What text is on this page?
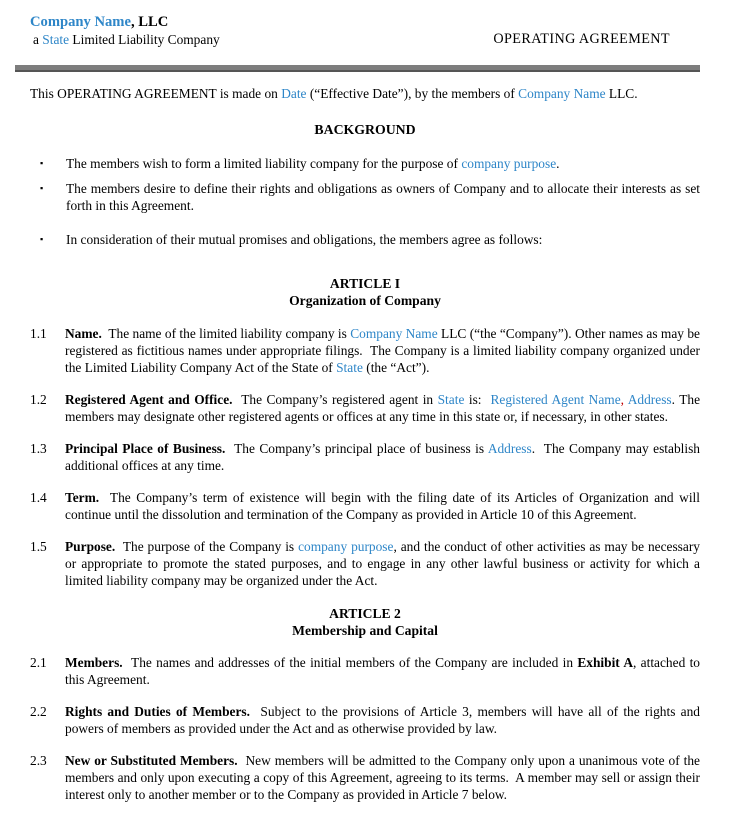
Company Name, LLC
a State Limited Liability Company	OPERATING AGREEMENT

This OPERATING AGREEMENT is made on Date (“Effective Date”), by the members of Company Name LLC.

BACKGROUND
▪	The members wish to form a limited liability company for the purpose of company purpose.
▪	The members desire to define their rights and obligations as owners of Company and to allocate their interests as set forth in this Agreement.
▪	In consideration of their mutual promises and obligations, the members agree as follows:
ARTICLE I
Organization of Company
1.1	Name.  The name of the limited liability company is Company Name LLC (“the “Company”). Other names as may be registered as fictitious names under appropriate filings.  The Company is a limited liability company organized under the Limited Liability Company Act of the State of State (the “Act”).
1.2	Registered Agent and Office.  The Company’s registered agent in State is:  Registered Agent Name, Address. The members may designate other registered agents or offices at any time in this state or, if necessary, in other states.
1.3	Principal Place of Business.  The Company’s principal place of business is Address.  The Company may establish additional offices at any time.
1.4	Term.  The Company’s term of existence will begin with the filing date of its Articles of Organization and will continue until the dissolution and termination of the Company as provided in Article 10 of this Agreement.
1.5	Purpose.  The purpose of the Company is company purpose, and the conduct of other activities as may be necessary or appropriate to promote the stated purposes, and to engage in any other lawful business or activity for which a limited liability company may be organized under the Act.
ARTICLE 2
Membership and Capital
2.1	Members.  The names and addresses of the initial members of the Company are included in Exhibit A, attached to this Agreement.
2.2	Rights and Duties of Members.  Subject to the provisions of Article 3, members will have all of the rights and powers of members as provided under the Act and as otherwise provided by law.
2.3	New or Substituted Members.  New members will be admitted to the Company only upon a unanimous vote of the members and only upon executing a copy of this Agreement, agreeing to its terms.  A member may sell or assign their interest only to another member or to the Company as provided in Article 7 below.
